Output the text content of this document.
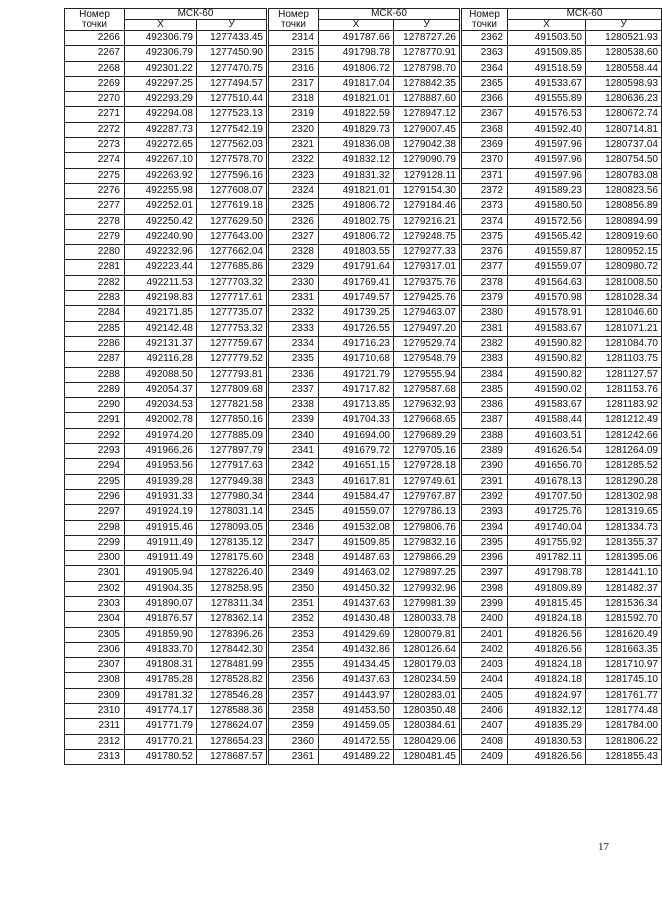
Номер
точки	МСК-60	
	X	У
2266	492306.79	1277433.45
2267	492306.79	1277450.90
2268	492301.22	1277470.75
2269	492297.25	1277494.57
2270	492293.29	1277510.44
2271	492294.08	1277523.13
2272	492287.73	1277542.19
2273	492272.65	1277562.03
2274	492267.10	1277578.70
2275	492263.92	1277596.16
2276	492255.98	1277608.07
2277	492252.01	1277619.18
2278	492250.42	1277629.50
2279	492240.90	1277643.00
2280	492232.96	1277662.04
2281	492223.44	1277685.86
2282	492211.53	1277703.32
2283	492198.83	1277717.61
2284	492171.85	1277735.07
2285	492142.48	1277753.32
2286	492131.37	1277759.67
2287	492116.28	1277779.52
2288	492088.50	1277793.81
2289	492054.37	1277809.68
2290	492034.53	1277821.58
2291	492002.78	1277850.16
2292	491974.20	1277885.09
2293	491966.26	1277897.79
2294	491953.56	1277917.63
2295	491939.28	1277949.38
2296	491931.33	1277980.34
2297	491924.19	1278031.14
2298	491915.46	1278093.05
2299	491911.49	1278135.12
2300	491911.49	1278175.60
2301	491905.94	1278226.40
2302	491904.35	1278258.95
2303	491890.07	1278311.34
2304	491876.57	1278362.14
2305	491859.90	1278396.26
2306	491833.70	1278442.30
2307	491808.31	1278481.99
2308	491785.28	1278528.82
2309	491781.32	1278546.28
2310	491774.17	1278588.36
2311	491771.79	1278624.07
2312	491770.21	1278654.23
2313	491780.52	1278687.57
Номер
точки	МСК-60	
	X	У
2314	491787.66	1278727.26
2315	491798.78	1278770.91
2316	491806.72	1278798.70
2317	491817.04	1278842.35
2318	491821.01	1278887.60
2319	491822.59	1278947.12
2320	491829.73	1279007.45
2321	491836.08	1279042.38
2322	491832.12	1279090.79
2323	491831.32	1279128.11
2324	491821.01	1279154.30
2325	491806.72	1279184.46
2326	491802.75	1279216.21
2327	491806.72	1279248.75
2328	491803.55	1279277.33
2329	491791.64	1279317.01
2330	491769.41	1279375.76
2331	491749.57	1279425.76
2332	491739.25	1279463.07
2333	491726.55	1279497.20
2334	491716.23	1279529.74
2335	491710.68	1279548.79
2336	491721.79	1279555.94
2337	491717.82	1279587.68
2338	491713.85	1279632.93
2339	491704.33	1279668.65
2340	491694.00	1279689.29
2341	491679.72	1279705.16
2342	491651.15	1279728.18
2343	491617.81	1279749.61
2344	491584.47	1279767.87
2345	491559.07	1279786.13
2346	491532.08	1279806.76
2347	491509.85	1279832.16
2348	491487.63	1279866.29
2349	491463.02	1279897.25
2350	491450.32	1279932.96
2351	491437.63	1279981.39
2352	491430.48	1280033.78
2353	491429.69	1280079.81
2354	491432.86	1280126.64
2355	491434.45	1280179.03
2356	491437.63	1280234.59
2357	491443.97	1280283.01
2358	491453.50	1280350.48
2359	491459.05	1280384.61
2360	491472.55	1280429.06
2361	491489.22	1280481.45
Номер
точки	МСК-60	
	X	У
2362	491503.50	1280521.93
2363	491509.85	1280538.60
2364	491518.59	1280558.44
2365	491533.67	1280598.93
2366	491555.89	1280636.23
2367	491576.53	1280672.74
2368	491592.40	1280714.81
2369	491597.96	1280737.04
2370	491597.96	1280754.50
2371	491597.96	1280783.08
2372	491589.23	1280823.56
2373	491580.50	1280856.89
2374	491572.56	1280894.99
2375	491565.42	1280919.60
2376	491559.87	1280952.15
2377	491559.07	1280980.72
2378	491564.63	1281008.50
2379	491570.98	1281028.34
2380	491578.91	1281046.60
2381	491583.67	1281071.21
2382	491590.82	1281084.70
2383	491590.82	1281103.75
2384	491590.82	1281127.57
2385	491590.02	1281153.76
2386	491583.67	1281183.92
2387	491588.44	1281212.49
2388	491603.51	1281242.66
2389	491626.54	1281264.09
2390	491656.70	1281285.52
2391	491678.13	1281290.28
2392	491707.50	1281302.98
2393	491725.76	1281319.65
2394	491740.04	1281334.73
2395	491755.92	1281355.37
2396	491782.11	1281395.06
2397	491798.78	1281441.10
2398	491809.89	1281482.37
2399	491815.45	1281536.34
2400	491824.18	1281592.70
2401	491826.56	1281620.49
2402	491826.56	1281663.35
2403	491824.18	1281710.97
2404	491824.18	1281745.10
2405	491824.97	1281761.77
2406	491832.12	1281774.48
2407	491835.29	1281784.00
2408	491830.53	1281806.22
2409	491826.56	1281855.43
17
